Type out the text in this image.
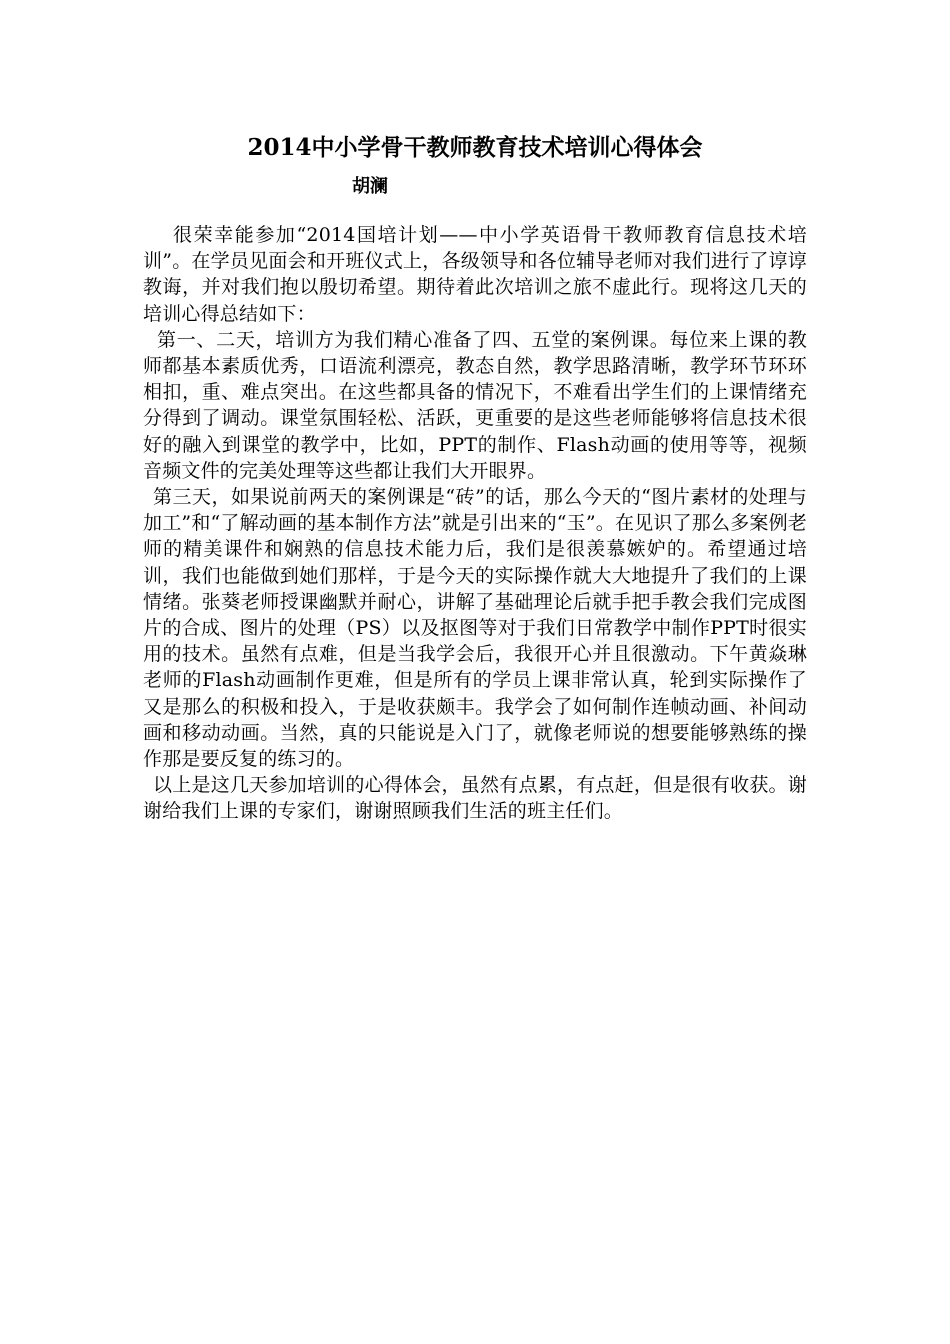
2014中小学骨干教师教育技术培训心得体会

胡澜

很荣幸能参加“2014国培计划——中小学英语骨干教师教育信息技术培训”。在学员见面会和开班仪式上，各级领导和各位辅导老师对我们进行了谆谆教诲，并对我们抱以殷切希望。期待着此次培训之旅不虚此行。现将这几天的培训心得总结如下：

第一、二天，培训方为我们精心准备了四、五堂的案例课。每位来上课的教师都基本素质优秀，口语流利漂亮，教态自然，教学思路清晰，教学环节环环相扣，重、难点突出。在这些都具备的情况下，不难看出学生们的上课情绪充分得到了调动。课堂氛围轻松、活跃，更重要的是这些老师能够将信息技术很好的融入到课堂的教学中，比如，PPT的制作、Flash动画的使用等等，视频音频文件的完美处理等这些都让我们大开眼界。

第三天，如果说前两天的案例课是“砖”的话，那么今天的“图片素材的处理与加工”和“了解动画的基本制作方法”就是引出来的“玉”。在见识了那么多案例老师的精美课件和娴熟的信息技术能力后，我们是很羡慕嫉妒的。希望通过培训，我们也能做到她们那样，于是今天的实际操作就大大地提升了我们的上课情绪。张葵老师授课幽默并耐心，讲解了基础理论后就手把手教会我们完成图片的合成、图片的处理（PS）以及抠图等对于我们日常教学中制作PPT时很实用的技术。虽然有点难，但是当我学会后，我很开心并且很激动。下午黄焱琳老师的Flash动画制作更难，但是所有的学员上课非常认真，轮到实际操作了又是那么的积极和投入，于是收获颇丰。我学会了如何制作连帧动画、补间动画和移动动画。当然，真的只能说是入门了，就像老师说的想要能够熟练的操作那是要反复的练习的。

以上是这几天参加培训的心得体会，虽然有点累，有点赶，但是很有收获。谢谢给我们上课的专家们，谢谢照顾我们生活的班主任们。
